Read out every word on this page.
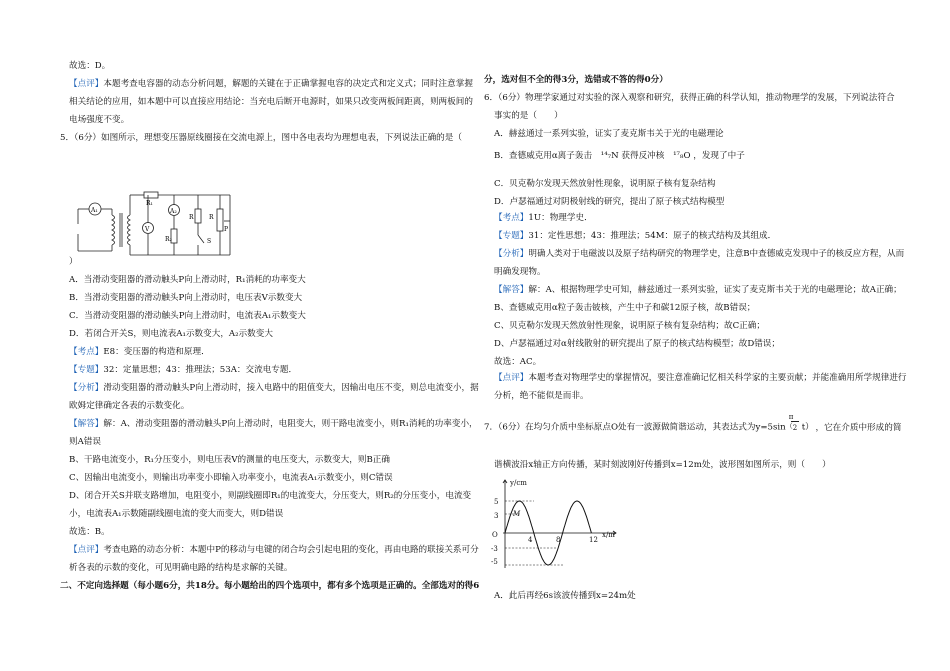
故选：D。
【点评】本题考查电容器的动态分析问题，解题的关键在于正确掌握电容的决定式和定义式；同时注意掌握
相关结论的应用，如本题中可以直接应用结论：当充电后断开电源时，如果只改变两板间距离，则两板间的
电场强度不变。
5．（6分）如图所示，理想变压器原线圈接在交流电源上，图中各电表均为理想电表，下列说法正确的是（
A₁
R₁
V
A₂
R₂
R
S
R
P
）
A．当滑动变阻器的滑动触头P向上滑动时，R₁消耗的功率变大
B．当滑动变阻器的滑动触头P向上滑动时，电压表V示数变大
C．当滑动变阻器的滑动触头P向上滑动时，电流表A₁示数变大
D．若闭合开关S，则电流表A₁示数变大，A₂示数变大
【考点】E8：变压器的构造和原理．
【专题】32：定量思想；43：推理法；53A：交流电专题．
【分析】滑动变阻器的滑动触头P向上滑动时，接入电路中的阻值变大，因输出电压不变，则总电流变小，据
欧姆定律确定各表的示数变化。
【解答】解：A、滑动变阻器的滑动触头P向上滑动时，电阻变大，则干路电流变小，则R₁消耗的功率变小，
则A错误
B、干路电流变小，R₁分压变小，则电压表V的测量的电压变大，示数变大，则B正确
C、因输出电流变小，则输出功率变小即输入功率变小，电流表A₁示数变小，则C错误
D、闭合开关S并联支路增加，电阻变小，则副线圈即R₁的电流变大，分压变大，则R₂的分压变小，电流变
小，电流表A₁示数随副线圈电流的变大而变大，则D错误
故选：B。
【点评】考查电路的动态分析：本题中P的移动与电键的闭合均会引起电阻的变化，再由电路的联接关系可分
析各表的示数的变化，可见明确电路的结构是求解的关键。
二、不定向选择题（每小题6分，共18分。每小题给出的四个选项中，都有多个选项是正确的。全部选对的得6
分，选对但不全的得3分，选错或不答的得0分）
6．（6分）物理学家通过对实验的深入观察和研究，获得正确的科学认知，推动物理学的发展，下列说法符合
事实的是（　　）
A．赫兹通过一系列实验，证实了麦克斯韦关于光的电磁理论
B．查德威克用α离子轰击 ¹⁴₇N 获得反冲核 ¹⁷₈O ，发现了中子
C．贝克勒尔发现天然放射性现象，说明原子核有复杂结构
D．卢瑟福通过对阴极射线的研究，提出了原子核式结构模型
【考点】1U：物理学史．
【专题】31：定性思想；43：推理法；54M：原子的核式结构及其组成．
【分析】明确人类对于电磁波以及原子结构研究的物理学史，注意B中查德威克发现中子的核反应方程，从而
明确发现物。
【解答】解：A、根据物理学史可知，赫兹通过一系列实验，证实了麦克斯韦关于光的电磁理论；故A正确；
B、查德威克用α粒子轰击铍核，产生中子和碳12原子核，故B错误；
C、贝克勒尔发现天然放射性现象，说明原子核有复杂结构；故C正确；
D、卢瑟福通过对α射线散射的研究提出了原子的核式结构模型；故D错误；
故选：AC。
【点评】本题考查对物理学史的掌握情况，要注意准确记忆相关科学家的主要贡献；并能准确用所学规律进行
分析，绝不能似是而非。
7．（6分）在均匀介质中坐标原点O处有一波源做简谐运动，其表达式为y=5sin
π
（ 2 t） ，它在介质中形成的简
谐横波沿x轴正方向传播，某时刻波刚好传播到x=12m处，波形图如图所示，则（　　）
y/cm
x/m
O
M
5
3
-3
-5
4	8	12
A．此后再经6s该波传播到x=24m处
